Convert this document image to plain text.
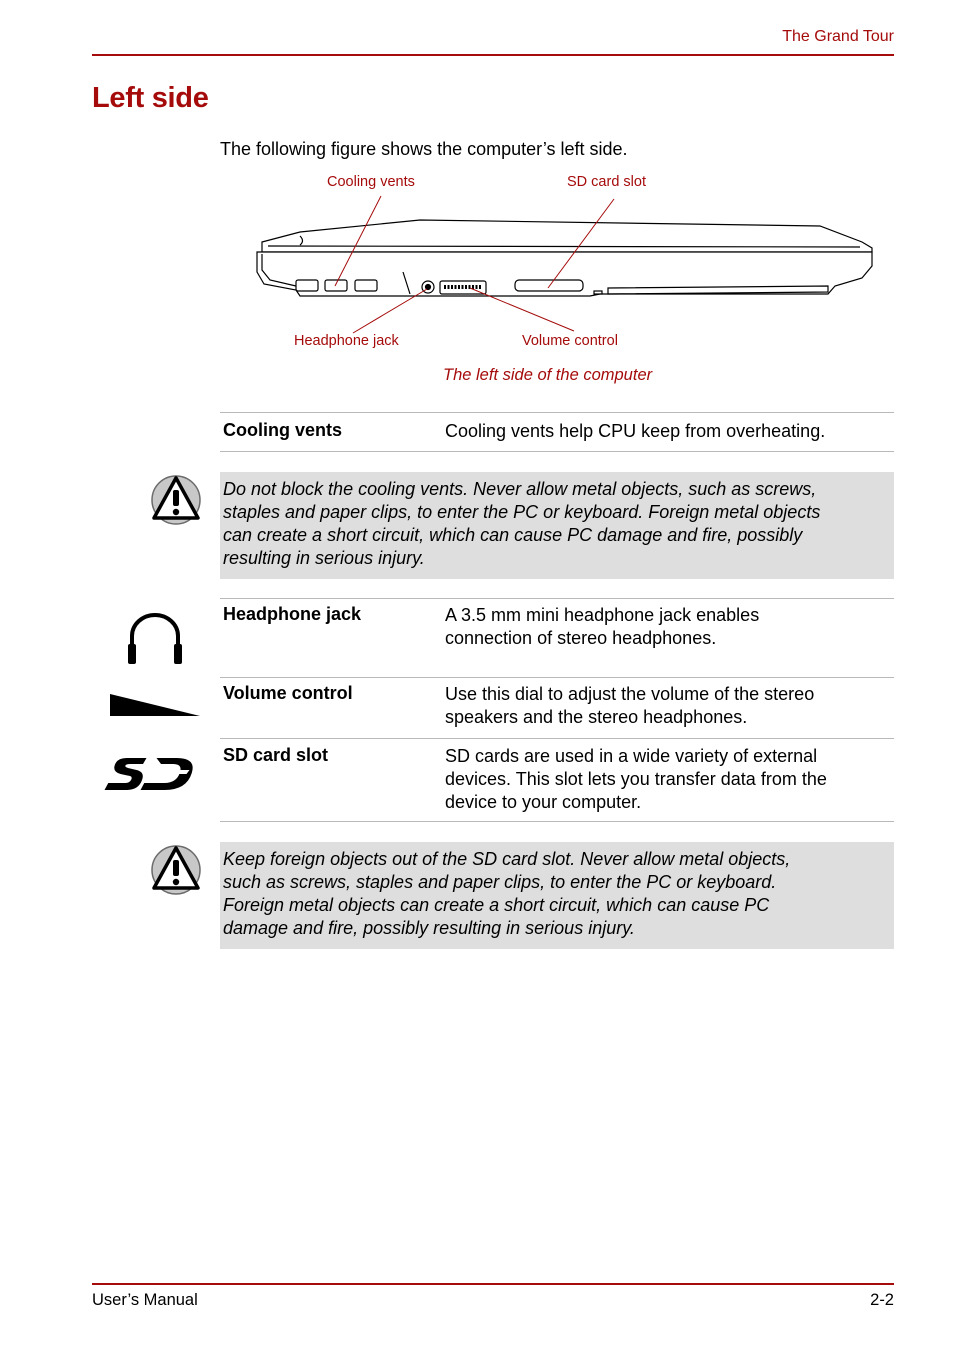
The Grand Tour
Left side
The following figure shows the computer’s left side.
Cooling vents	SD card slot
Headphone jack	Volume control
The left side of the computer
Cooling vents	Cooling vents help CPU keep from overheating.
Do not block the cooling vents. Never allow metal objects, such as screws,
staples and paper clips, to enter the PC or keyboard. Foreign metal objects
can create a short circuit, which can cause PC damage and fire, possibly
resulting in serious injury.
Headphone jack	A 3.5 mm mini headphone jack enables
connection of stereo headphones.
Volume control	Use this dial to adjust the volume of the stereo
speakers and the stereo headphones.
SD card slot	SD cards are used in a wide variety of external
devices. This slot lets you transfer data from the
device to your computer.
Keep foreign objects out of the SD card slot. Never allow metal objects,
such as screws, staples and paper clips, to enter the PC or keyboard.
Foreign metal objects can create a short circuit, which can cause PC
damage and fire, possibly resulting in serious injury.
User’s Manual	2-2
